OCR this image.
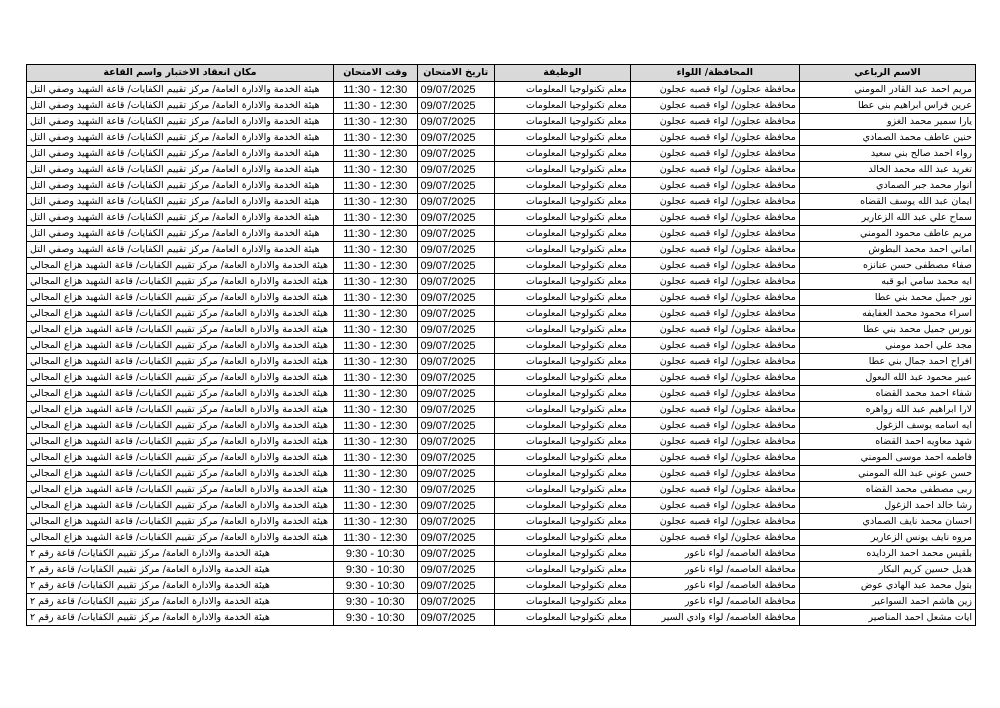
الاسم الرباعي	المحافظة/ اللواء	الوظيفة	تاريخ الامتحان	وقت الامتحان	مكان انعقاد الاختبار واسم القاعة
مريم احمد عبد القادر المومني	محافظة عجلون/ لواء قصبه عجلون	معلم تكنولوجيا المعلومات	09/07/2025	11:30 - 12:30	هيئة الخدمة والادارة العامة/ مركز تقييم الكفايات/ قاعة الشهيد وصفي التل
عرين فراس ابراهيم بني عطا	محافظة عجلون/ لواء قصبه عجلون	معلم تكنولوجيا المعلومات	09/07/2025	11:30 - 12:30	هيئة الخدمة والادارة العامة/ مركز تقييم الكفايات/ قاعة الشهيد وصفي التل
يارا سمير محمد الغزو	محافظة عجلون/ لواء قصبه عجلون	معلم تكنولوجيا المعلومات	09/07/2025	11:30 - 12:30	هيئة الخدمة والادارة العامة/ مركز تقييم الكفايات/ قاعة الشهيد وصفي التل
حنين عاطف محمد الصمادي	محافظة عجلون/ لواء قصبه عجلون	معلم تكنولوجيا المعلومات	09/07/2025	11:30 - 12:30	هيئة الخدمة والادارة العامة/ مركز تقييم الكفايات/ قاعة الشهيد وصفي التل
رواء احمد صالح بني سعيد	محافظة عجلون/ لواء قصبه عجلون	معلم تكنولوجيا المعلومات	09/07/2025	11:30 - 12:30	هيئة الخدمة والادارة العامة/ مركز تقييم الكفايات/ قاعة الشهيد وصفي التل
تغريد عبد الله محمد الخالد	محافظة عجلون/ لواء قصبه عجلون	معلم تكنولوجيا المعلومات	09/07/2025	11:30 - 12:30	هيئة الخدمة والادارة العامة/ مركز تقييم الكفايات/ قاعة الشهيد وصفي التل
انوار محمد جبر الصمادي	محافظة عجلون/ لواء قصبه عجلون	معلم تكنولوجيا المعلومات	09/07/2025	11:30 - 12:30	هيئة الخدمة والادارة العامة/ مركز تقييم الكفايات/ قاعة الشهيد وصفي التل
ايمان عبد الله يوسف القضاه	محافظة عجلون/ لواء قصبه عجلون	معلم تكنولوجيا المعلومات	09/07/2025	11:30 - 12:30	هيئة الخدمة والادارة العامة/ مركز تقييم الكفايات/ قاعة الشهيد وصفي التل
سماح علي عبد الله الزعارير	محافظة عجلون/ لواء قصبه عجلون	معلم تكنولوجيا المعلومات	09/07/2025	11:30 - 12:30	هيئة الخدمة والادارة العامة/ مركز تقييم الكفايات/ قاعة الشهيد وصفي التل
مريم عاطف محمود المومني	محافظة عجلون/ لواء قصبه عجلون	معلم تكنولوجيا المعلومات	09/07/2025	11:30 - 12:30	هيئة الخدمة والادارة العامة/ مركز تقييم الكفايات/ قاعة الشهيد وصفي التل
اماني احمد محمد البطوش	محافظة عجلون/ لواء قصبه عجلون	معلم تكنولوجيا المعلومات	09/07/2025	11:30 - 12:30	هيئة الخدمة والادارة العامة/ مركز تقييم الكفايات/ قاعة الشهيد وصفي التل
صفاء مصطفى حسن عنانزه	محافظة عجلون/ لواء قصبه عجلون	معلم تكنولوجيا المعلومات	09/07/2025	11:30 - 12:30	هيئة الخدمة والادارة العامة/ مركز تقييم الكفايات/ قاعة الشهيد هزاع المجالي
ايه محمد سامي ابو قبه	محافظة عجلون/ لواء قصبه عجلون	معلم تكنولوجيا المعلومات	09/07/2025	11:30 - 12:30	هيئة الخدمة والادارة العامة/ مركز تقييم الكفايات/ قاعة الشهيد هزاع المجالي
نور جميل محمد بني عطا	محافظة عجلون/ لواء قصبه عجلون	معلم تكنولوجيا المعلومات	09/07/2025	11:30 - 12:30	هيئة الخدمة والادارة العامة/ مركز تقييم الكفايات/ قاعة الشهيد هزاع المجالي
اسراء محمود محمد العفايفه	محافظة عجلون/ لواء قصبه عجلون	معلم تكنولوجيا المعلومات	09/07/2025	11:30 - 12:30	هيئة الخدمة والادارة العامة/ مركز تقييم الكفايات/ قاعة الشهيد هزاع المجالي
نورس جميل محمد بني عطا	محافظة عجلون/ لواء قصبه عجلون	معلم تكنولوجيا المعلومات	09/07/2025	11:30 - 12:30	هيئة الخدمة والادارة العامة/ مركز تقييم الكفايات/ قاعة الشهيد هزاع المجالي
مجد علي احمد مومني	محافظة عجلون/ لواء قصبه عجلون	معلم تكنولوجيا المعلومات	09/07/2025	11:30 - 12:30	هيئة الخدمة والادارة العامة/ مركز تقييم الكفايات/ قاعة الشهيد هزاع المجالي
افراح احمد جمال بني عطا	محافظة عجلون/ لواء قصبه عجلون	معلم تكنولوجيا المعلومات	09/07/2025	11:30 - 12:30	هيئة الخدمة والادارة العامة/ مركز تقييم الكفايات/ قاعة الشهيد هزاع المجالي
عبير محمود عبد الله البعول	محافظة عجلون/ لواء قصبه عجلون	معلم تكنولوجيا المعلومات	09/07/2025	11:30 - 12:30	هيئة الخدمة والادارة العامة/ مركز تقييم الكفايات/ قاعة الشهيد هزاع المجالي
شفاء احمد محمد القضاه	محافظة عجلون/ لواء قصبه عجلون	معلم تكنولوجيا المعلومات	09/07/2025	11:30 - 12:30	هيئة الخدمة والادارة العامة/ مركز تقييم الكفايات/ قاعة الشهيد هزاع المجالي
لارا ابراهيم عبد الله زواهره	محافظة عجلون/ لواء قصبه عجلون	معلم تكنولوجيا المعلومات	09/07/2025	11:30 - 12:30	هيئة الخدمة والادارة العامة/ مركز تقييم الكفايات/ قاعة الشهيد هزاع المجالي
ايه اسامه يوسف الزغول	محافظة عجلون/ لواء قصبه عجلون	معلم تكنولوجيا المعلومات	09/07/2025	11:30 - 12:30	هيئة الخدمة والادارة العامة/ مركز تقييم الكفايات/ قاعة الشهيد هزاع المجالي
شهد معاويه احمد القضاه	محافظة عجلون/ لواء قصبه عجلون	معلم تكنولوجيا المعلومات	09/07/2025	11:30 - 12:30	هيئة الخدمة والادارة العامة/ مركز تقييم الكفايات/ قاعة الشهيد هزاع المجالي
فاطمه احمد موسى المومني	محافظة عجلون/ لواء قصبه عجلون	معلم تكنولوجيا المعلومات	09/07/2025	11:30 - 12:30	هيئة الخدمة والادارة العامة/ مركز تقييم الكفايات/ قاعة الشهيد هزاع المجالي
حسن عوني عبد الله المومني	محافظة عجلون/ لواء قصبه عجلون	معلم تكنولوجيا المعلومات	09/07/2025	11:30 - 12:30	هيئة الخدمة والادارة العامة/ مركز تقييم الكفايات/ قاعة الشهيد هزاع المجالي
ربى مصطفى محمد القضاه	محافظة عجلون/ لواء قصبه عجلون	معلم تكنولوجيا المعلومات	09/07/2025	11:30 - 12:30	هيئة الخدمة والادارة العامة/ مركز تقييم الكفايات/ قاعة الشهيد هزاع المجالي
رشا خالد احمد الزغول	محافظة عجلون/ لواء قصبه عجلون	معلم تكنولوجيا المعلومات	09/07/2025	11:30 - 12:30	هيئة الخدمة والادارة العامة/ مركز تقييم الكفايات/ قاعة الشهيد هزاع المجالي
احسان محمد نايف الصمادي	محافظة عجلون/ لواء قصبه عجلون	معلم تكنولوجيا المعلومات	09/07/2025	11:30 - 12:30	هيئة الخدمة والادارة العامة/ مركز تقييم الكفايات/ قاعة الشهيد هزاع المجالي
مروه نايف يونس الزعارير	محافظة عجلون/ لواء قصبه عجلون	معلم تكنولوجيا المعلومات	09/07/2025	11:30 - 12:30	هيئة الخدمة والادارة العامة/ مركز تقييم الكفايات/ قاعة الشهيد هزاع المجالي
بلقيس محمد احمد الردايده	محافظة العاصمه/ لواء ناعور	معلم تكنولوجيا المعلومات	09/07/2025	9:30 - 10:30	هيئة الخدمة والادارة العامة/ مركز تقييم الكفايات/ قاعة رقم ٢
هديل حسين كريم البكار	محافظة العاصمه/ لواء ناعور	معلم تكنولوجيا المعلومات	09/07/2025	9:30 - 10:30	هيئة الخدمة والادارة العامة/ مركز تقييم الكفايات/ قاعة رقم ٢
بتول محمد عبد الهادي عوض	محافظة العاصمه/ لواء ناعور	معلم تكنولوجيا المعلومات	09/07/2025	9:30 - 10:30	هيئة الخدمة والادارة العامة/ مركز تقييم الكفايات/ قاعة رقم ٢
زين هاشم احمد السواعير	محافظة العاصمه/ لواء ناعور	معلم تكنولوجيا المعلومات	09/07/2025	9:30 - 10:30	هيئة الخدمة والادارة العامة/ مركز تقييم الكفايات/ قاعة رقم ٢
ايات مشعل احمد المناصير	محافظة العاصمه/ لواء وادي السير	معلم تكنولوجيا المعلومات	09/07/2025	9:30 - 10:30	هيئة الخدمة والادارة العامة/ مركز تقييم الكفايات/ قاعة رقم ٢
